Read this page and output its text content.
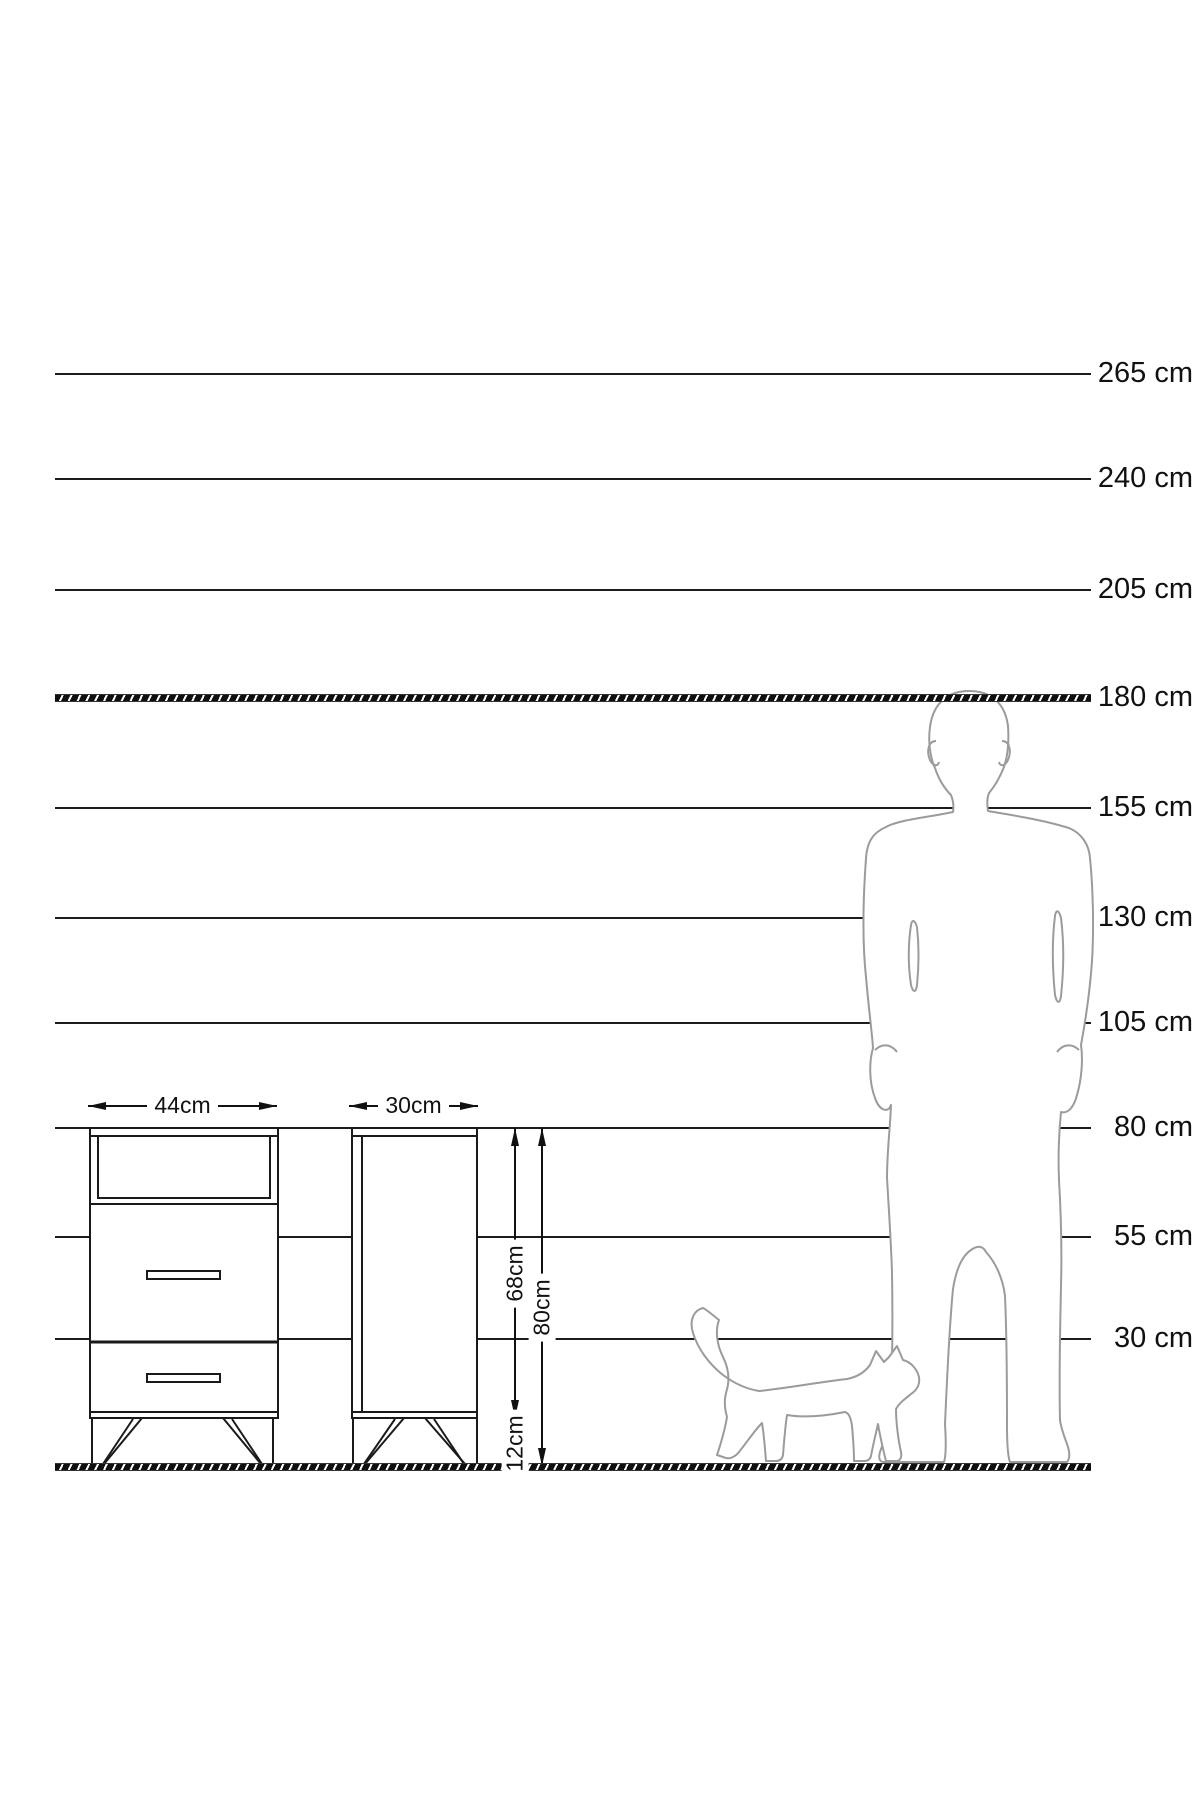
265 cm
240 cm
205 cm
180 cm
155 cm
130 cm
105 cm
80 cm
55 cm
30 cm
44cm	30cm
68cm
80cm
12cm
